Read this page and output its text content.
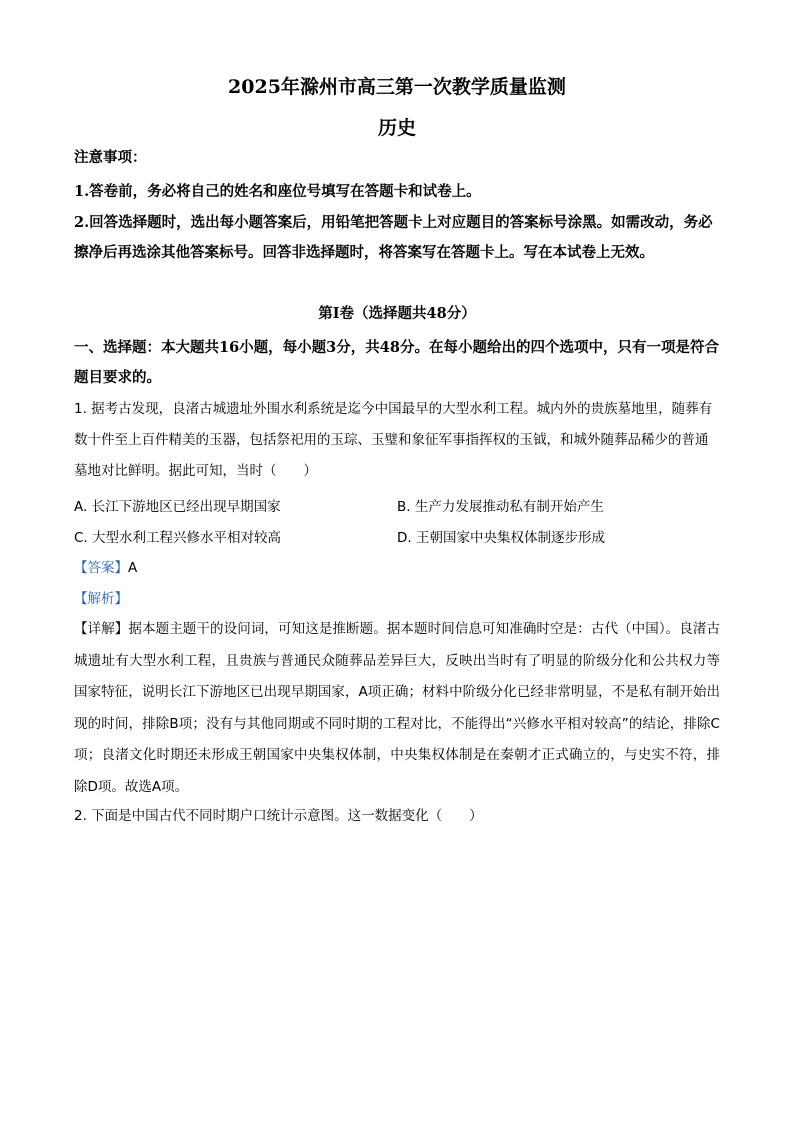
2025年滁州市高三第一次教学质量监测
历史
注意事项：
1.答卷前，务必将自己的姓名和座位号填写在答题卡和试卷上。
2.回答选择题时，选出每小题答案后，用铅笔把答题卡上对应题目的答案标号涂黑。如需改动，务必擦净后再选涂其他答案标号。回答非选择题时，将答案写在答题卡上。写在本试卷上无效。
第Ⅰ卷（选择题共48分）
一、选择题：本大题共16小题，每小题3分，共48分。在每小题给出的四个选项中，只有一项是符合题目要求的。
1. 据考古发现，良渚古城遗址外围水利系统是迄今中国最早的大型水利工程。城内外的贵族墓地里，随葬有数十件至上百件精美的玉器，包括祭祀用的玉琮、玉璧和象征军事指挥权的玉钺，和城外随葬品稀少的普通墓地对比鲜明。据此可知，当时（　　）
A. 长江下游地区已经出现早期国家	B. 生产力发展推动私有制开始产生
C. 大型水利工程兴修水平相对较高	D. 王朝国家中央集权体制逐步形成
【答案】A
【解析】
【详解】据本题主题干的设问词，可知这是推断题。据本题时间信息可知准确时空是：古代（中国）。良渚古城遗址有大型水利工程，且贵族与普通民众随葬品差异巨大，反映出当时有了明显的阶级分化和公共权力等国家特征，说明长江下游地区已出现早期国家，A项正确；材料中阶级分化已经非常明显，不是私有制开始出现的时间，排除B项；没有与其他同期或不同时期的工程对比，不能得出“兴修水平相对较高”的结论，排除C项；良渚文化时期还未形成王朝国家中央集权体制，中央集权体制是在秦朝才正式确立的，与史实不符，排除D项。故选A项。
2. 下面是中国古代不同时期户口统计示意图。这一数据变化（　　）
